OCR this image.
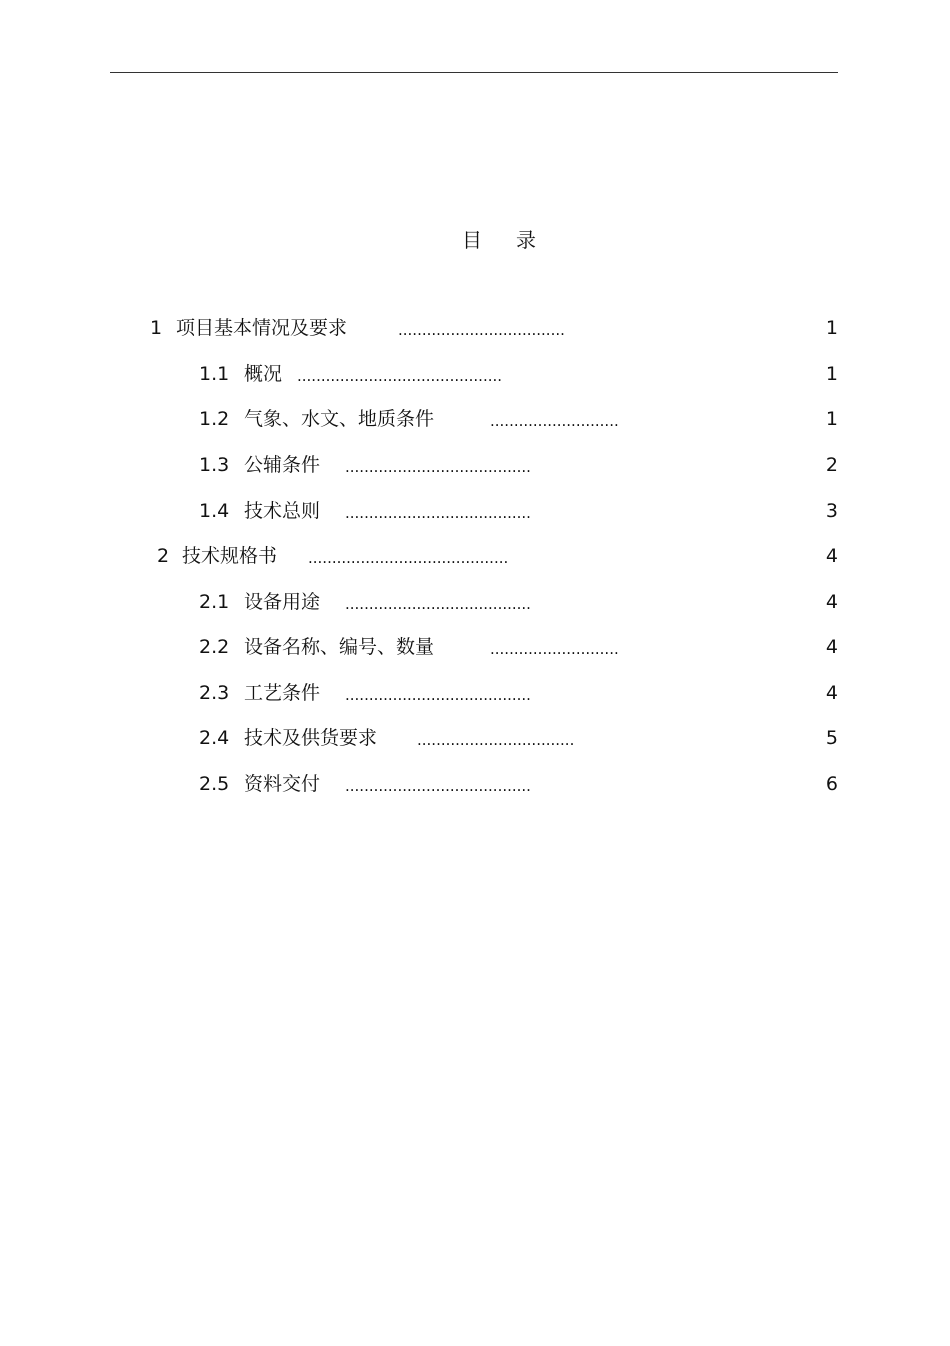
目 录
1 项目基本情况及要求	...................................	1
1.1 概况 ...........................................	1
1.2 气象、水文、地质条件	...........................	1
1.3 公辅条件 .......................................	2
1.4 技术总则 .......................................	3
2 技术规格书 ..........................................	4
2.1 设备用途 .......................................	4
2.2 设备名称、编号、数量	...........................	4
2.3 工艺条件 .......................................	4
2.4 技术及供货要求	.................................	5
2.5 资料交付 .......................................	6
